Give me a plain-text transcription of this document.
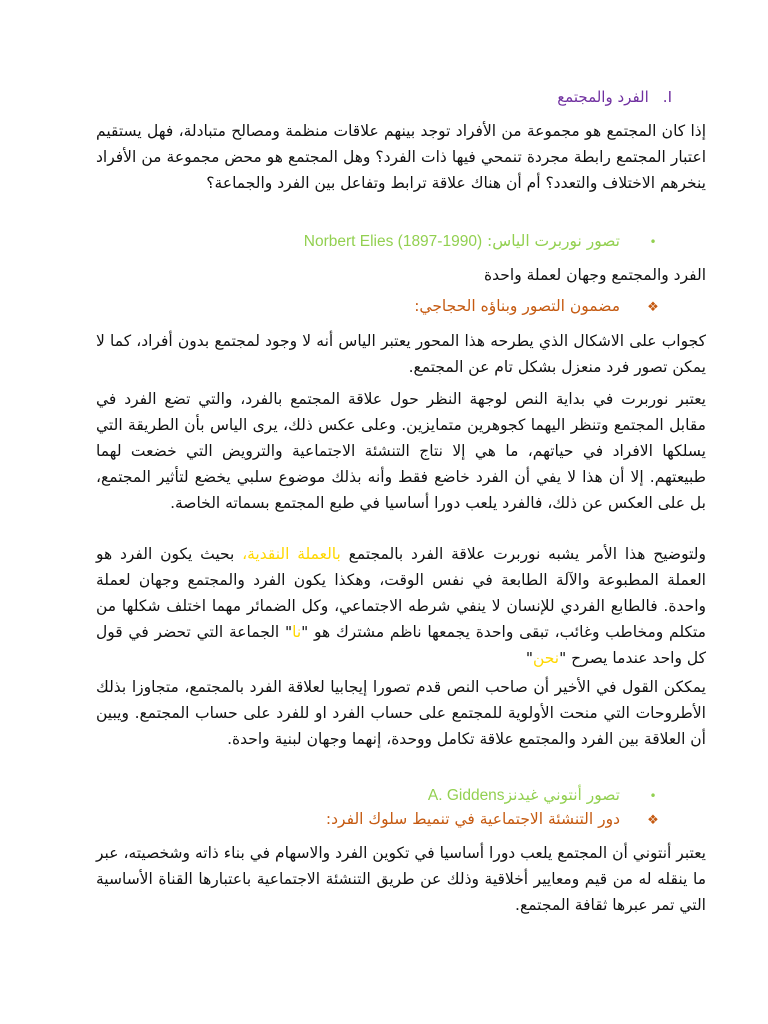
I.الفرد والمجتمع

إذا كان المجتمع هو مجموعة من الأفراد توجد بينهم علاقات منظمة ومصالح متبادلة، فهل يستقيم اعتبار المجتمع رابطة مجردة تنمحي فيها ذات الفرد؟ وهل المجتمع هو محض مجموعة من الأفراد ينخرهم الاختلاف والتعدد؟ أم أن هناك علاقة ترابط وتفاعل بين الفرد والجماعة؟

•تصور نوربرت الياس: Norbert Elies (1897-1990)

الفرد والمجتمع وجهان لعملة واحدة

❖مضمون التصور وبناؤه الحجاجي:

كجواب على الاشكال الذي يطرحه هذا المحور يعتبر الياس أنه لا وجود لمجتمع بدون أفراد، كما لا يمكن تصور فرد منعزل بشكل تام عن المجتمع.

يعتبر نوربرت في بداية النص لوجهة النظر حول علاقة المجتمع بالفرد، والتي تضع الفرد في مقابل المجتمع وتنظر اليهما كجوهرين متمايزين. وعلى عكس ذلك، يرى الياس بأن الطريقة التي يسلكها الافراد في حياتهم، ما هي إلا نتاج التنشئة الاجتماعية والترويض التي خضعت لهما طبيعتهم. إلا أن هذا لا يفي أن الفرد خاضع فقط وأنه بذلك موضوع سلبي يخضع لتأثير المجتمع، بل على العكس عن ذلك، فالفرد يلعب دورا أساسيا في طبع المجتمع بسماته الخاصة.

ولتوضيح هذا الأمر يشبه نوربرت علاقة الفرد بالمجتمع بالعملة النقدية، بحيث يكون الفرد هو العملة المطبوعة والآلة الطابعة في نفس الوقت، وهكذا يكون الفرد والمجتمع وجهان لعملة واحدة. فالطابع الفردي للإنسان لا ينفي شرطه الاجتماعي، وكل الضمائر مهما اختلف شكلها من متكلم ومخاطب وغائب، تبقى واحدة يجمعها ناظم مشترك هو "نا" الجماعة التي تحضر في قول كل واحد عندما يصرح "نحن"

يمككن القول في الأخير أن صاحب النص قدم تصورا إيجابيا لعلاقة الفرد بالمجتمع، متجاوزا بذلك الأطروحات التي منحت الأولوية للمجتمع على حساب الفرد او للفرد على حساب المجتمع. ويبين أن العلاقة بين الفرد والمجتمع علاقة تكامل ووحدة، إنهما وجهان لبنية واحدة.

•تصور أنتوني غيدنزA. Giddens
❖دور التنشئة الاجتماعية في تنميط سلوك الفرد:

يعتبر أنتوني أن المجتمع يلعب دورا أساسيا في تكوين الفرد والاسهام في بناء ذاته وشخصيته، عبر ما ينقله له من قيم ومعايير أخلاقية وذلك عن طريق التنشئة الاجتماعية باعتبارها القناة الأساسية التي تمر عبرها ثقافة المجتمع.
